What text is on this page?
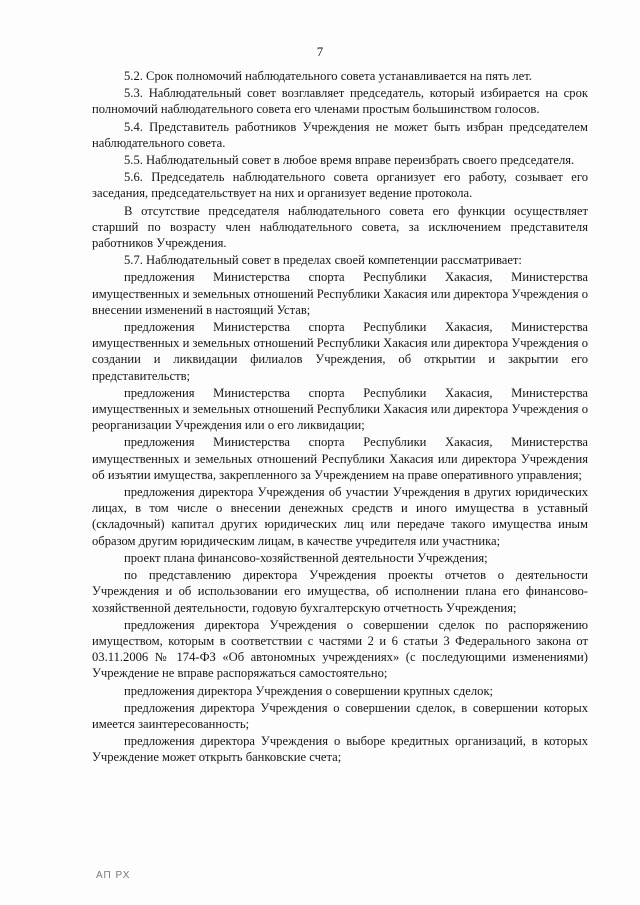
7

5.2. Срок полномочий наблюдательного совета устанавливается на пять лет.

5.3. Наблюдательный совет возглавляет председатель, который избирается на срок полномочий наблюдательного совета его членами простым большинством голосов.

5.4. Представитель работников Учреждения не может быть избран председателем наблюдательного совета.

5.5. Наблюдательный совет в любое время вправе переизбрать своего председателя.

5.6. Председатель наблюдательного совета организует его работу, созывает его заседания, председательствует на них и организует ведение протокола.

В отсутствие председателя наблюдательного совета его функции осуществляет старший по возрасту член наблюдательного совета, за исключением представителя работников Учреждения.

5.7. Наблюдательный совет в пределах своей компетенции рассматривает:

предложения Министерства спорта Республики Хакасия, Министерства имущественных и земельных отношений Республики Хакасия или директора Учреждения о внесении изменений в настоящий Устав;

предложения Министерства спорта Республики Хакасия, Министерства имущественных и земельных отношений Республики Хакасия или директора Учреждения о создании и ликвидации филиалов Учреждения, об открытии и закрытии его представительств;

предложения Министерства спорта Республики Хакасия, Министерства имущественных и земельных отношений Республики Хакасия или директора Учреждения о реорганизации Учреждения или о его ликвидации;

предложения Министерства спорта Республики Хакасия, Министерства имущественных и земельных отношений Республики Хакасия или директора Учреждения об изъятии имущества, закрепленного за Учреждением на праве оперативного управления;

предложения директора Учреждения об участии Учреждения в других юридических лицах, в том числе о внесении денежных средств и иного имущества в уставный (складочный) капитал других юридических лиц или передаче такого имущества иным образом другим юридическим лицам, в качестве учредителя или участника;

проект плана финансово-хозяйственной деятельности Учреждения;

по представлению директора Учреждения проекты отчетов о деятельности Учреждения и об использовании его имущества, об исполнении плана его финансово-хозяйственной деятельности, годовую бухгалтерскую отчетность Учреждения;

предложения директора Учреждения о совершении сделок по распоряжению имуществом, которым в соответствии с частями 2 и 6 статьи 3 Федерального закона от 03.11.2006 № 174-ФЗ «Об автономных учреждениях» (с последующими изменениями) Учреждение не вправе распоряжаться самостоятельно;

предложения директора Учреждения о совершении крупных сделок;

предложения директора Учреждения о совершении сделок, в совершении которых имеется заинтересованность;

предложения директора Учреждения о выборе кредитных организаций, в которых Учреждение может открыть банковские счета;

АП РХ
